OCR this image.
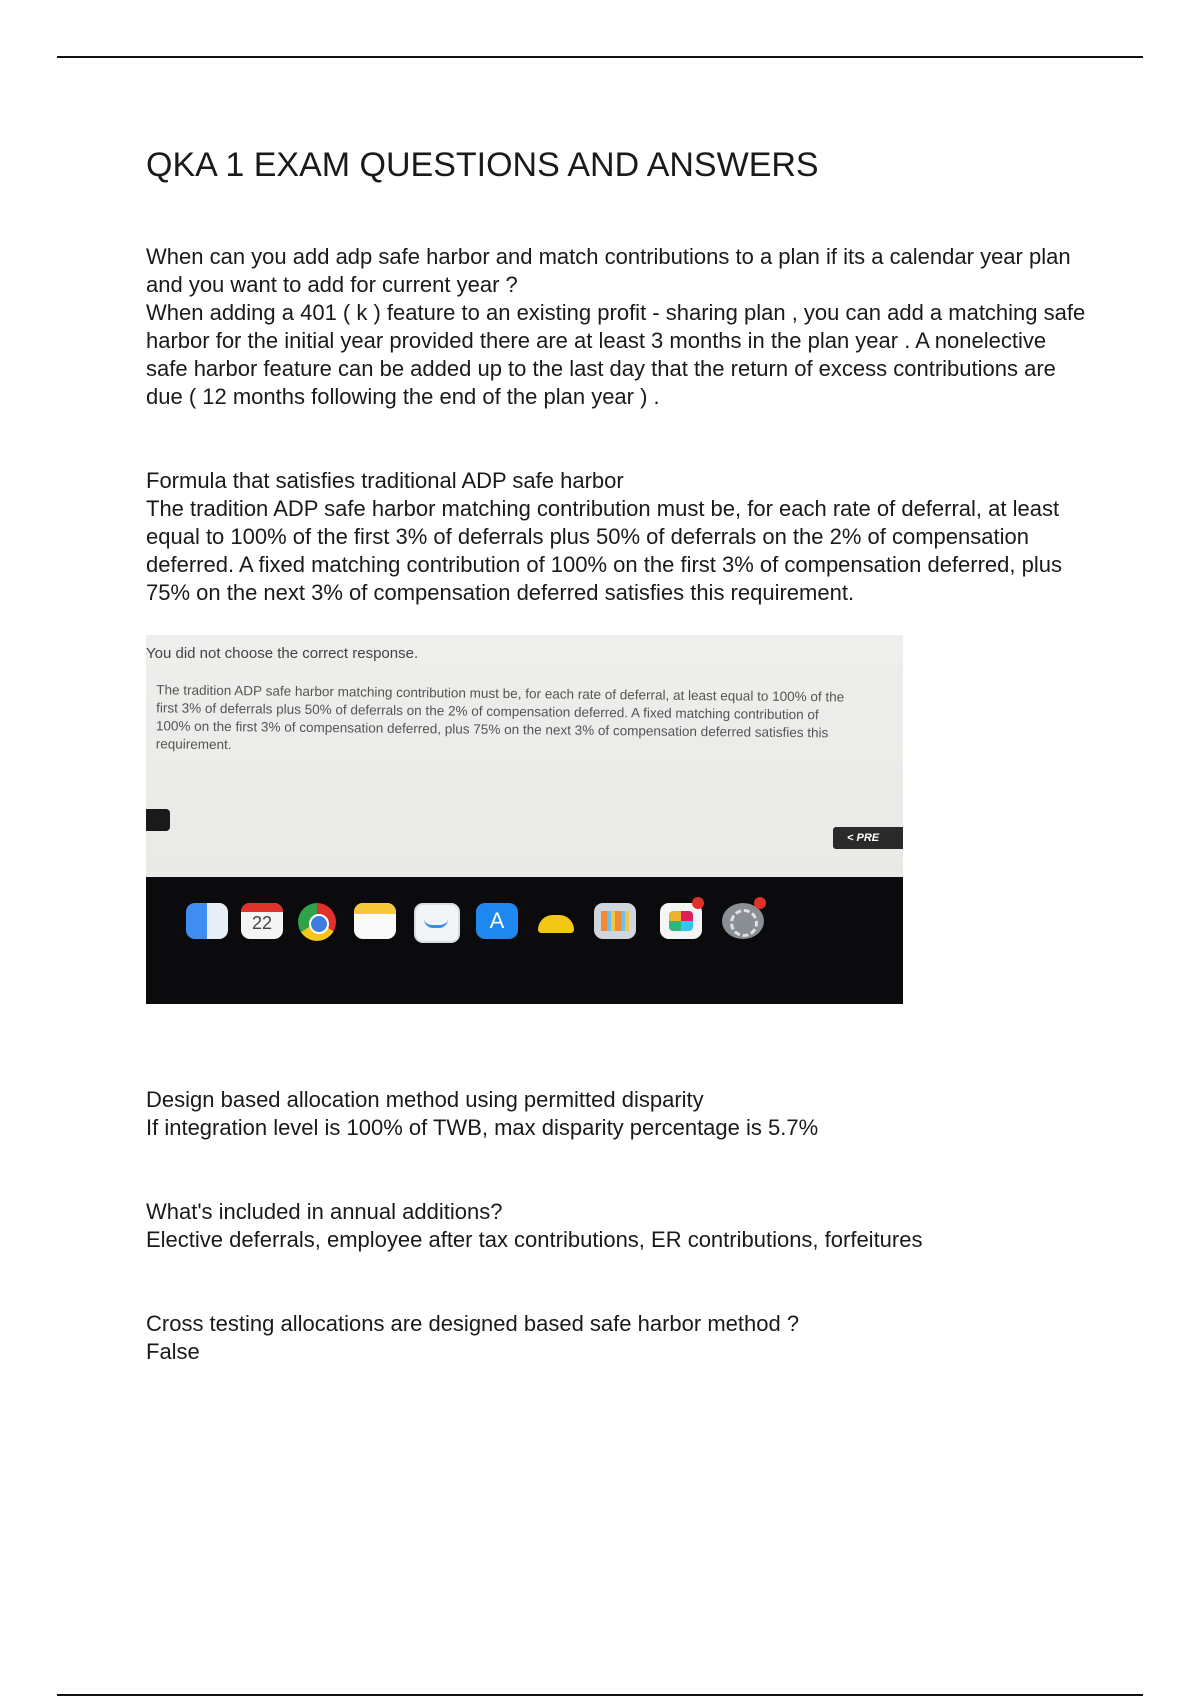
QKA 1 EXAM QUESTIONS AND ANSWERS

When can you add adp safe harbor and match contributions to a plan if its a calendar year plan and you want to add for current year ?

When adding a 401 ( k ) feature to an existing profit - sharing plan , you can add a matching safe harbor for the initial year provided there are at least 3 months in the plan year . A nonelective safe harbor feature can be added up to the last day that the return of excess contributions are due ( 12 months following the end of the plan year ) .

Formula that satisfies traditional ADP safe harbor

The tradition ADP safe harbor matching contribution must be, for each rate of deferral, at least equal to 100% of the first 3% of deferrals plus 50% of deferrals on the 2% of compensation deferred. A fixed matching contribution of 100% on the first 3% of compensation deferred, plus 75% on the next 3% of compensation deferred satisfies this requirement.

You did not choose the correct response.
The tradition ADP safe harbor matching contribution must be, for each rate of deferral, at least equal to 100% of the first 3% of deferrals plus 50% of deferrals on the 2% of compensation deferred. A fixed matching contribution of 100% on the first 3% of compensation deferred, plus 75% on the next 3% of compensation deferred satisfies this requirement.
< PRE
22	A

Design based allocation method using permitted disparity

If integration level is 100% of TWB, max disparity percentage is 5.7%

What's included in annual additions?

Elective deferrals, employee after tax contributions, ER contributions, forfeitures

Cross testing allocations are designed based safe harbor method ?

False
